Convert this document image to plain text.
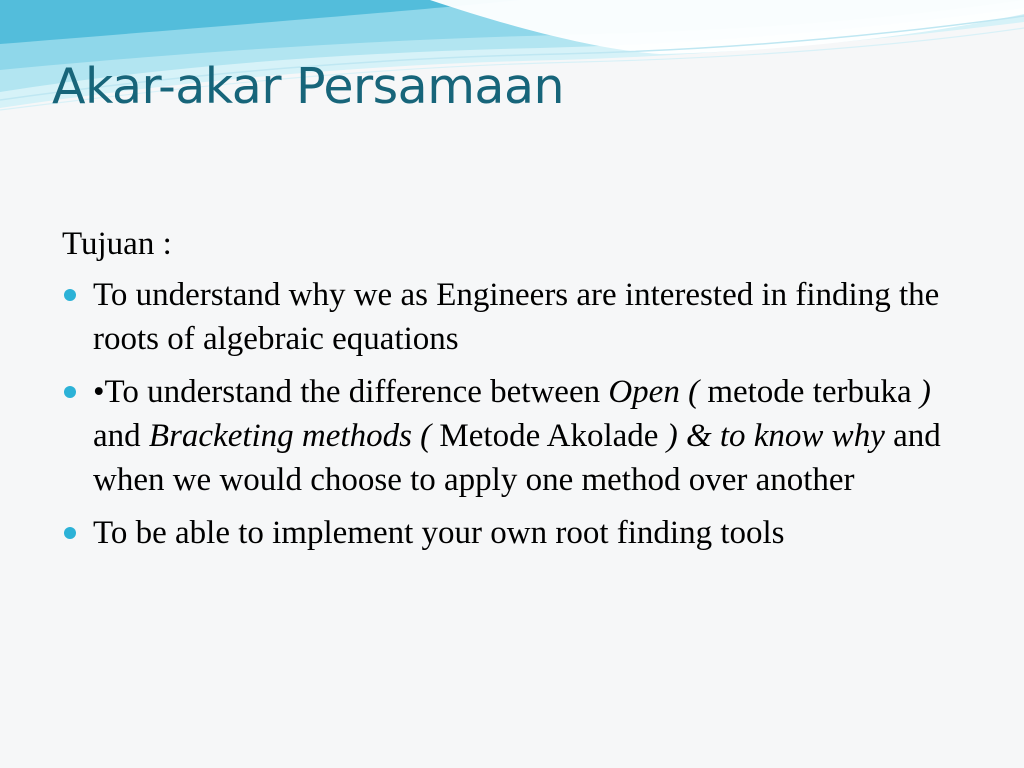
Akar-akar Persamaan
Tujuan :
To understand why we as Engineers are interested in finding the roots of algebraic equations
•To understand the difference between Open ( metode terbuka ) and Bracketing methods ( Metode Akolade ) & to know why and when we would choose to apply one method over another
To be able to implement your own root finding tools
